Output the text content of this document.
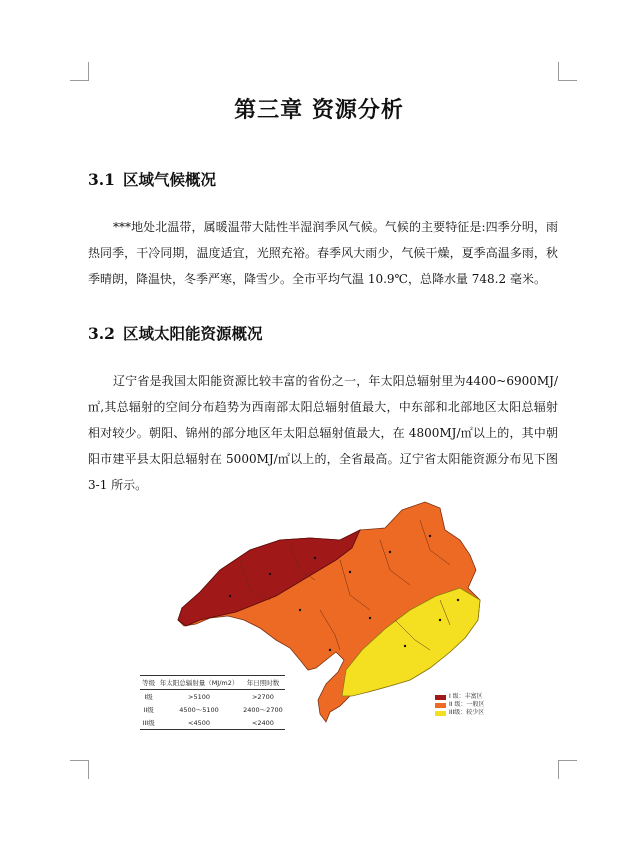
第三章 资源分析
3.1 区域气候概况

***地处北温带，属暖温带大陆性半湿润季风气候。气候的主要特征是:四季分明，雨热同季，干冷同期，温度适宜，光照充裕。春季风大雨少，气候干燥，夏季高温多雨，秋季晴朗，降温快，冬季严寒，降雪少。全市平均气温 10.9℃，总降水量 748.2 毫米。

3.2 区域太阳能资源概况

辽宁省是我国太阳能资源比较丰富的省份之一，年太阳总辐射里为4400~6900MJ/㎡,其总辐射的空间分布趋势为西南部太阳总辐射值最大，中东部和北部地区太阳总辐射相对较少。朝阳、锦州的部分地区年太阳总辐射值最大，在 4800MJ/㎡以上的，其中朝阳市建平县太阳总辐射在 5000MJ/㎡以上的，全省最高。辽宁省太阳能资源分布见下图3-1 所示。

等级	年太阳总辐射量（MJ/m2）	年日照时数
I级	>5100	>2700
II级	4500～5100	2400～2700
III级	<4500	<2400
I 级：丰富区
II 级：一般区
III级：较少区
